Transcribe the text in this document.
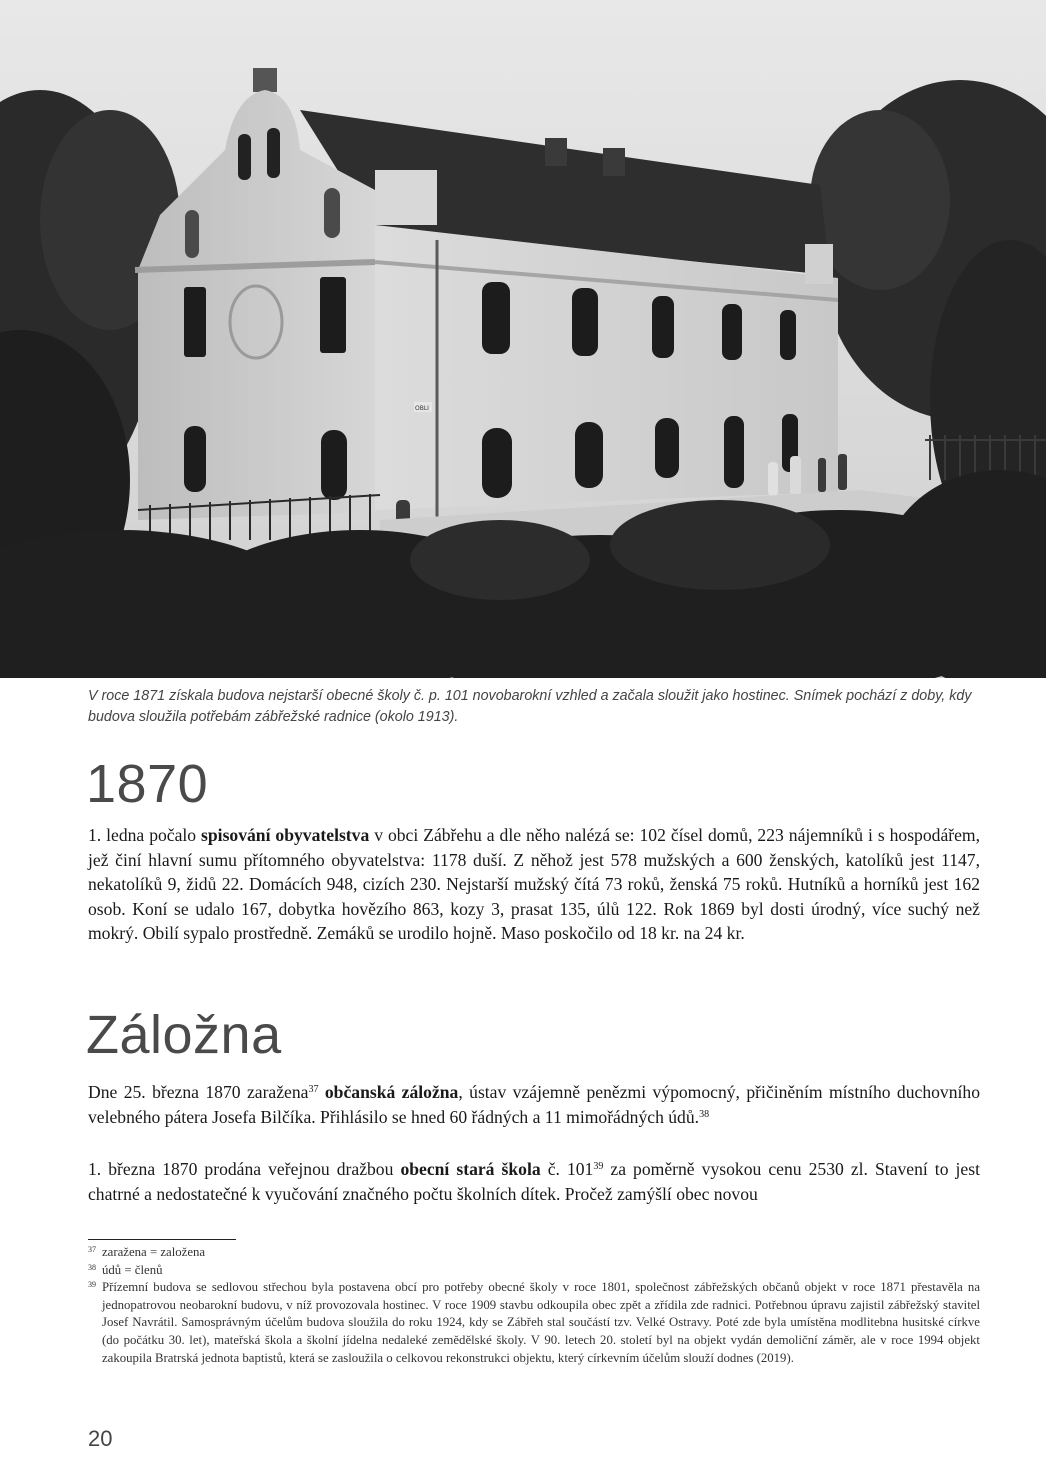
OBLI

V roce 1871 získala budova nejstarší obecné školy č. p. 101 novobarokní vzhled a začala sloužit jako hostinec. Snímek pochází z doby, kdy budova sloužila potřebám zábřežské radnice (okolo 1913).

1870

1. ledna počalo spisování obyvatelstva v obci Zábřehu a dle něho nalézá se: 102 čísel domů, 223 nájemníků i s hospodářem, jež činí hlavní sumu přítomného obyvatelstva: 1178 duší. Z něhož jest 578 mužských a 600 ženských, katolíků jest 1147, nekatolíků 9, židů 22. Domácích 948, cizích 230. Nejstarší mužský čítá 73 roků, ženská 75 roků. Hutníků a horníků jest 162 osob. Koní se udalo 167, dobytka hovězího 863, kozy 3, prasat 135, úlů 122. Rok 1869 byl dosti úrodný, více suchý než mokrý. Obilí sypalo prostředně. Zemáků se urodilo hojně. Maso poskočilo od 18 kr. na 24 kr.

Záložna

Dne 25. března 1870 zaražena$^{37}$ občanská záložna, ústav vzájemně penězmi výpomocný, přičiněním místního duchovního velebného pátera Josefa Bilčíka. Přihlásilo se hned 60 řádných a 11 mimořádných údů.$^{38}$

1. března 1870 prodána veřejnou dražbou obecní stará škola č. $101^{39}$ za poměrně vysokou cenu 2530 zl. Stavení to jest chatrné a nedostatečné k vyučování značného počtu školních dítek. Pročež zamýšlí obec novou

37 zaražena = založena
38 údů = členů
39 Přízemní budova se sedlovou střechou byla postavena obcí pro potřeby obecné školy v roce 1801, společnost zábřežských občanů objekt v roce 1871 přestavěla na jednopatrovou neobarokní budovu, v níž provozovala hostinec. V roce 1909 stavbu odkoupila obec zpět a zřídila zde radnici. Potřebnou úpravu zajistil zábřežský stavitel Josef Navrátil. Samosprávným účelům budova sloužila do roku 1924, kdy se Zábřeh stal součástí tzv. Velké Ostravy. Poté zde byla umístěna modlitebna husitské církve (do počátku 30. let), mateřská škola a školní jídelna nedaleké zemědělské školy. V 90. letech 20. století byl na objekt vydán demoliční záměr, ale v roce 1994 objekt zakoupila Bratrská jednota baptistů, která se zasloužila o celkovou rekonstrukci objektu, který církevním účelům slouží dodnes (2019).

20
